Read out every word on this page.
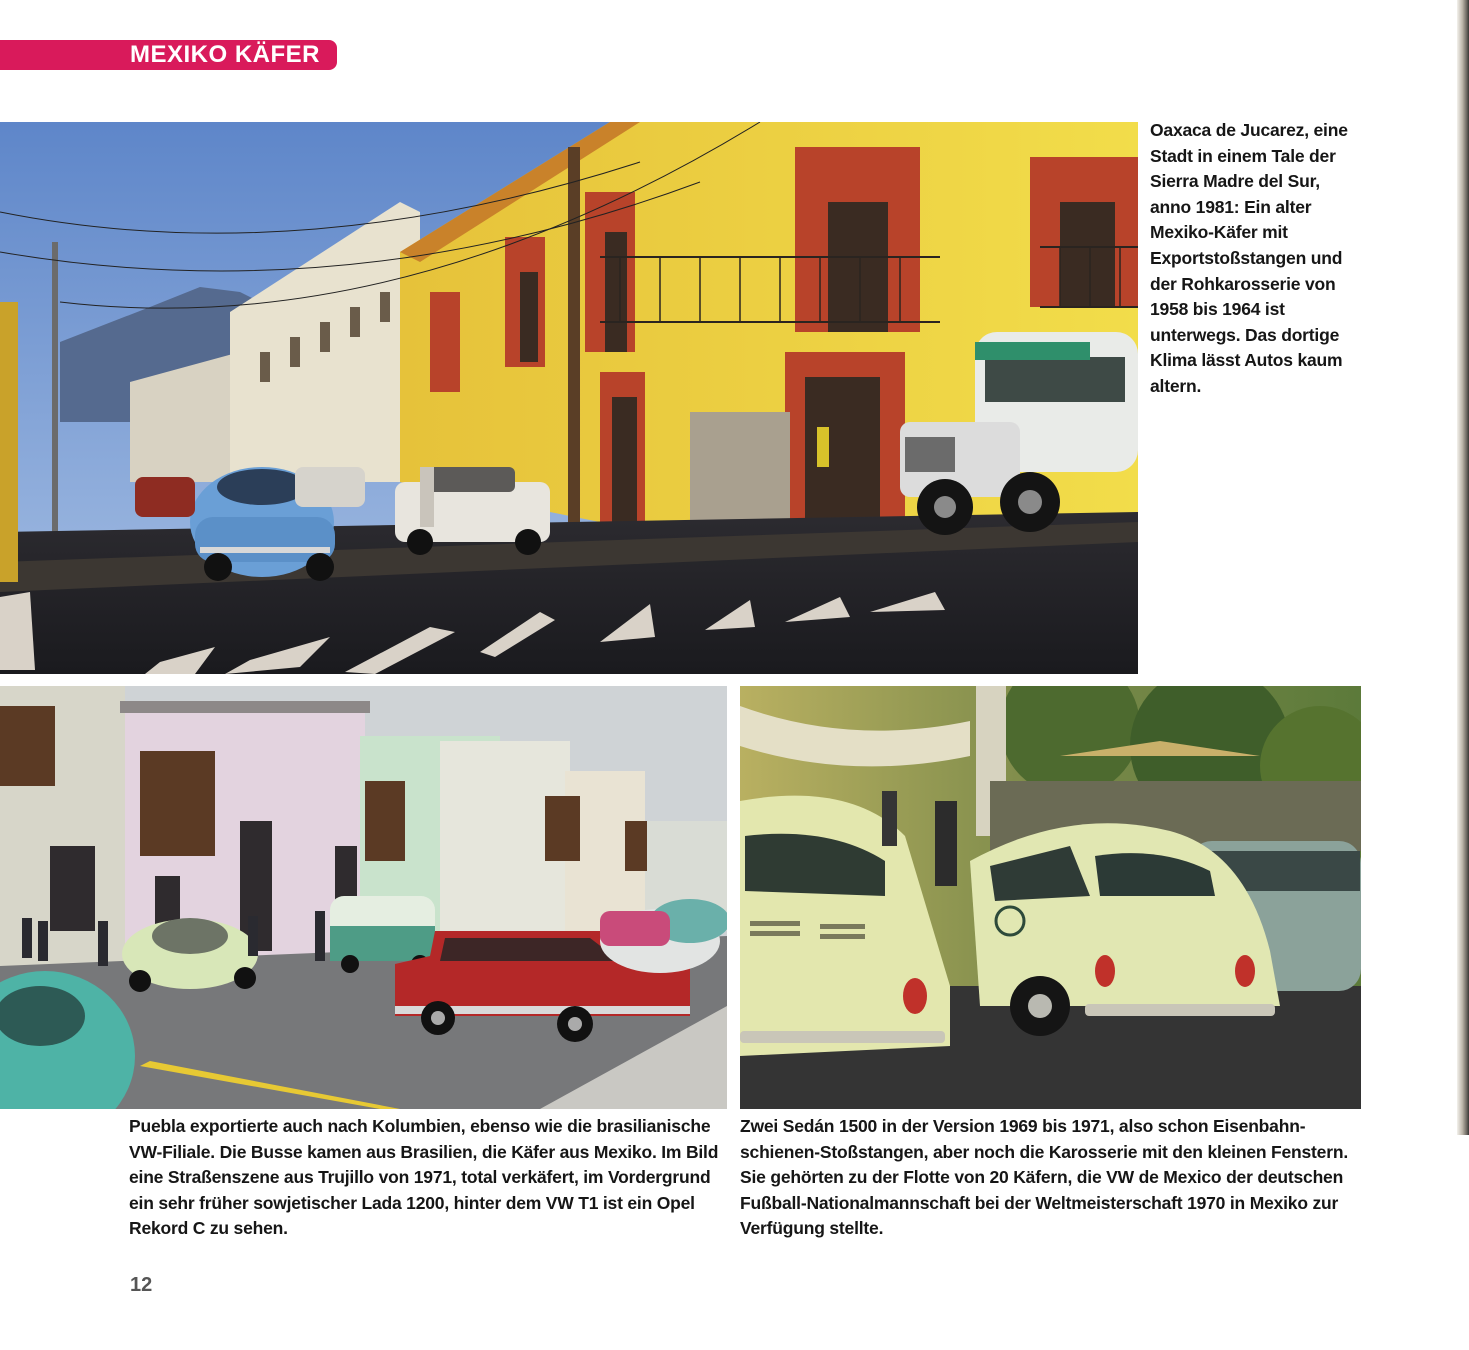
MEXIKO KÄFER

Oaxaca de Jucarez, eine Stadt in einem Tale der Sierra Madre del Sur, anno 1981: Ein alter Mexiko-Käfer mit Exportstoßstangen und der Rohkarosserie von 1958 bis 1964 ist unterwegs. Das dortige Klima lässt Autos kaum altern.

Puebla exportierte auch nach Kolumbien, ebenso wie die brasilianische VW-Filiale. Die Busse kamen aus Brasilien, die Käfer aus Mexiko. Im Bild eine Straßenszene aus Trujillo von 1971, total verkäfert, im Vordergrund ein sehr früher sowjetischer Lada 1200, hinter dem VW T1 ist ein Opel Rekord C zu sehen.

Zwei Sedán 1500 in der Version 1969 bis 1971, also schon Eisenbahnschienen-Stoßstangen, aber noch die Karosserie mit den kleinen Fenstern. Sie gehörten zu der Flotte von 20 Käfern, die VW de Mexico der deutschen Fußball-Nationalmannschaft bei der Weltmeisterschaft 1970 in Mexiko zur Verfügung stellte.

12
